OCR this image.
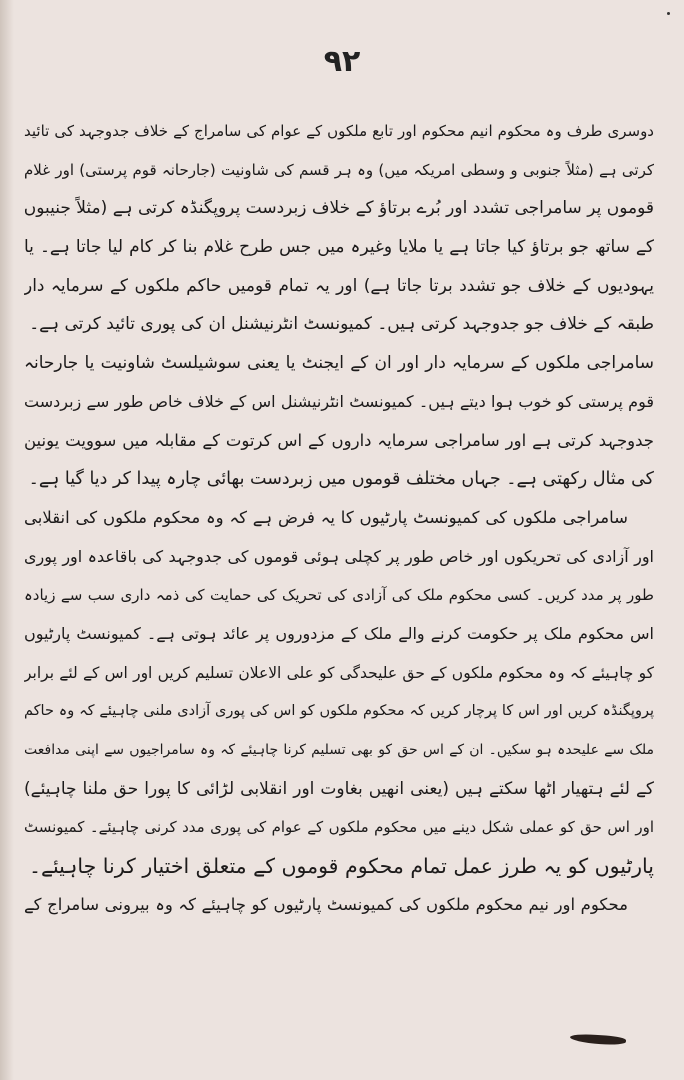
۹۲
دوسری طرف وہ محکوم انیم محکوم اور تابع ملکوں کے عوام کی سامراج کے خلاف جدوجہد کی تائید
کرتی ہے (مثلاً جنوبی و وسطی امریکہ میں) وہ ہر قسم کی شاونیت (جارحانہ قوم پرستی) اور غلام
قوموں پر سامراجی تشدد اور بُرے برتاؤ کے خلاف زبردست پروپگنڈہ کرتی ہے (مثلاً جنیبوں
کے ساتھ جو برتاؤ کیا جاتا ہے یا ملایا وغیرہ میں جس طرح غلام بنا کر کام لیا جاتا ہے۔ یا
یہودیوں کے خلاف جو تشدد برتا جاتا ہے) اور یہ تمام قومیں حاکم ملکوں کے سرمایہ دار
طبقہ کے خلاف جو جدوجہد کرتی ہیں۔ کمیونسٹ انٹرنیشنل ان کی پوری تائید کرتی ہے۔
سامراجی ملکوں کے سرمایہ دار اور ان کے ایجنٹ یا یعنی سوشیلسٹ شاونیت یا جارحانہ
قوم پرستی کو خوب ہوا دیتے ہیں۔ کمیونسٹ انٹرنیشنل اس کے خلاف خاص طور سے زبردست
جدوجہد کرتی ہے اور سامراجی سرمایہ داروں کے اس کرتوت کے مقابلہ میں سوویت یونین
کی مثال رکھتی ہے۔ جہاں مختلف قوموں میں زبردست بھائی چارہ پیدا کر دیا گیا ہے۔
سامراجی ملکوں کی کمیونسٹ پارٹیوں کا یہ فرض ہے کہ وہ محکوم ملکوں کی انقلابی
اور آزادی کی تحریکوں اور خاص طور پر کچلی ہوئی قوموں کی جدوجہد کی باقاعدہ اور پوری
طور پر مدد کریں۔ کسی محکوم ملک کی آزادی کی تحریک کی حمایت کی ذمہ داری سب سے زیادہ
اس محکوم ملک پر حکومت کرنے والے ملک کے مزدوروں پر عائد ہوتی ہے۔ کمیونسٹ پارٹیوں
کو چاہیئے کہ وہ محکوم ملکوں کے حق علیحدگی کو علی الاعلان تسلیم کریں اور اس کے لئے برابر
پروپگنڈہ کریں اور اس کا پرچار کریں کہ محکوم ملکوں کو اس کی پوری آزادی ملنی چاہیئے کہ وہ حاکم
ملک سے علیحدہ ہو سکیں۔ ان کے اس حق کو بھی تسلیم کرنا چاہیئے کہ وہ سامراجیوں سے اپنی مدافعت
کے لئے ہتھیار اٹھا سکتے ہیں (یعنی انھیں بغاوت اور انقلابی لڑائی کا پورا حق ملنا چاہیئے)
اور اس حق کو عملی شکل دینے میں محکوم ملکوں کے عوام کی پوری مدد کرنی چاہیئے۔ کمیونسٹ
پارٹیوں کو یہ طرز عمل تمام محکوم قوموں کے متعلق اختیار کرنا چاہیئے۔
محکوم اور نیم محکوم ملکوں کی کمیونسٹ پارٹیوں کو چاہیئے کہ وہ بیرونی سامراج کے
